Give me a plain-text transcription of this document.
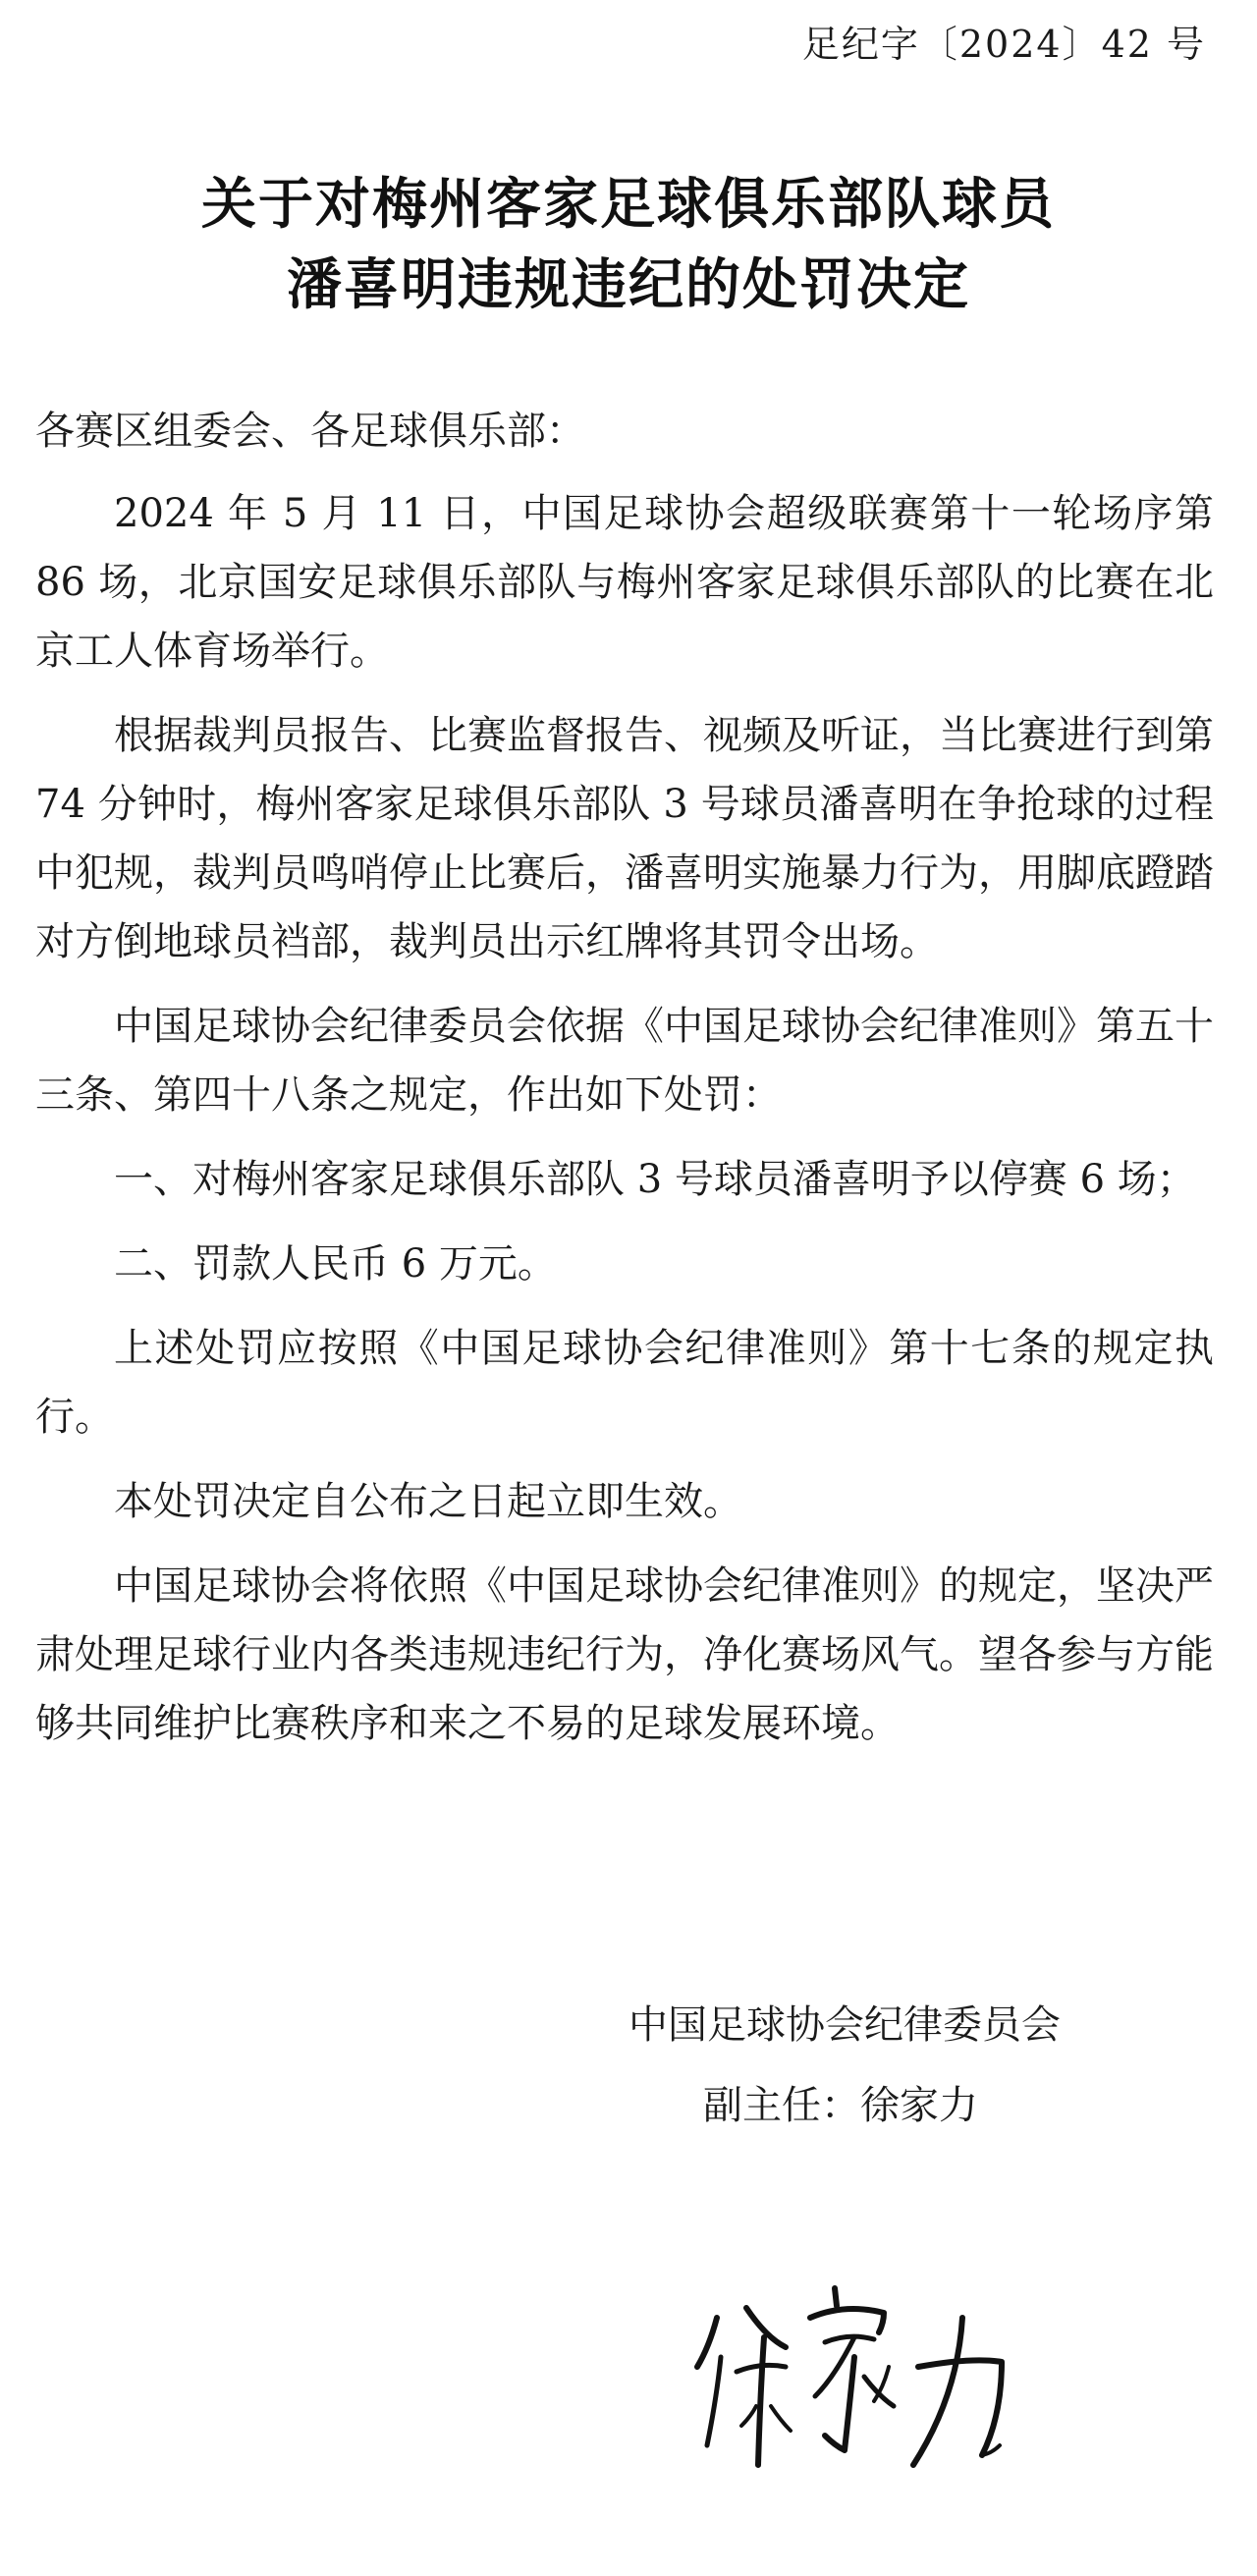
足纪字〔2024〕42 号
关于对梅州客家足球俱乐部队球员
潘喜明违规违纪的处罚决定

各赛区组委会、各足球俱乐部：

2024 年 5 月 11 日，中国足球协会超级联赛第十一轮场序第 86 场，北京国安足球俱乐部队与梅州客家足球俱乐部队的比赛在北京工人体育场举行。

根据裁判员报告、比赛监督报告、视频及听证，当比赛进行到第 74 分钟时，梅州客家足球俱乐部队 3 号球员潘喜明在争抢球的过程中犯规，裁判员鸣哨停止比赛后，潘喜明实施暴力行为，用脚底蹬踏对方倒地球员裆部，裁判员出示红牌将其罚令出场。

中国足球协会纪律委员会依据《中国足球协会纪律准则》第五十三条、第四十八条之规定，作出如下处罚：

一、对梅州客家足球俱乐部队 3 号球员潘喜明予以停赛 6 场；

二、罚款人民币 6 万元。

上述处罚应按照《中国足球协会纪律准则》第十七条的规定执行。

本处罚决定自公布之日起立即生效。

中国足球协会将依照《中国足球协会纪律准则》的规定，坚决严肃处理足球行业内各类违规违纪行为，净化赛场风气。望各参与方能够共同维护比赛秩序和来之不易的足球发展环境。

中国足球协会纪律委员会
副主任：徐家力
